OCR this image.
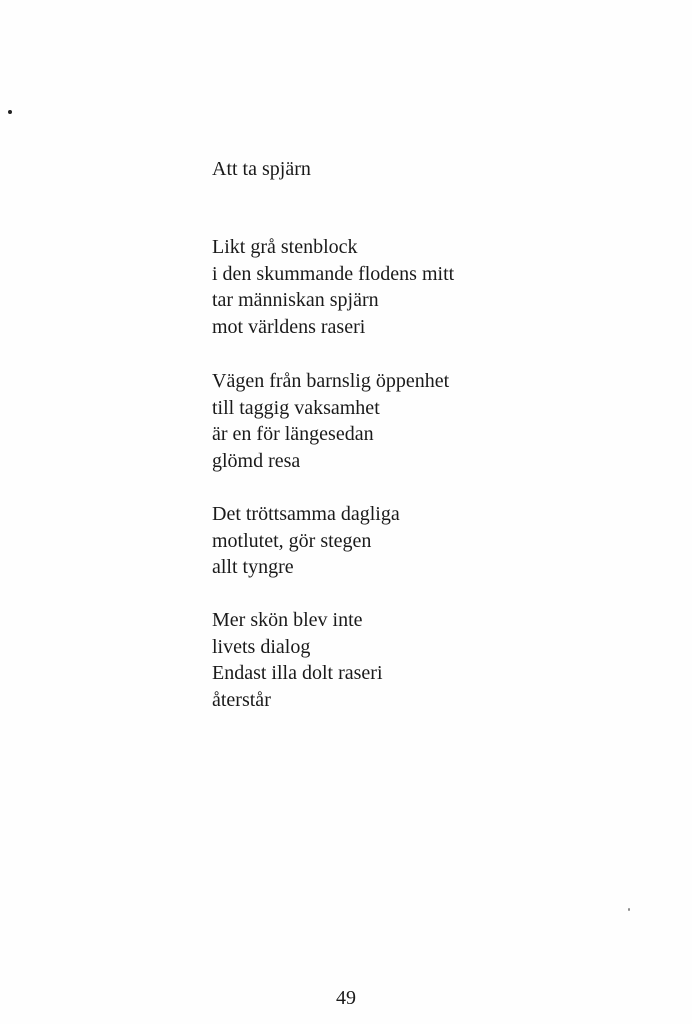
Att ta spjärn
Likt grå stenblock
i den skummande flodens mitt
tar människan spjärn
mot världens raseri
Vägen från barnslig öppenhet
till taggig vaksamhet
är en för längesedan
glömd resa
Det tröttsamma dagliga
motlutet, gör stegen
allt tyngre
Mer skön blev inte
livets dialog
Endast illa dolt raseri
återstår
49
